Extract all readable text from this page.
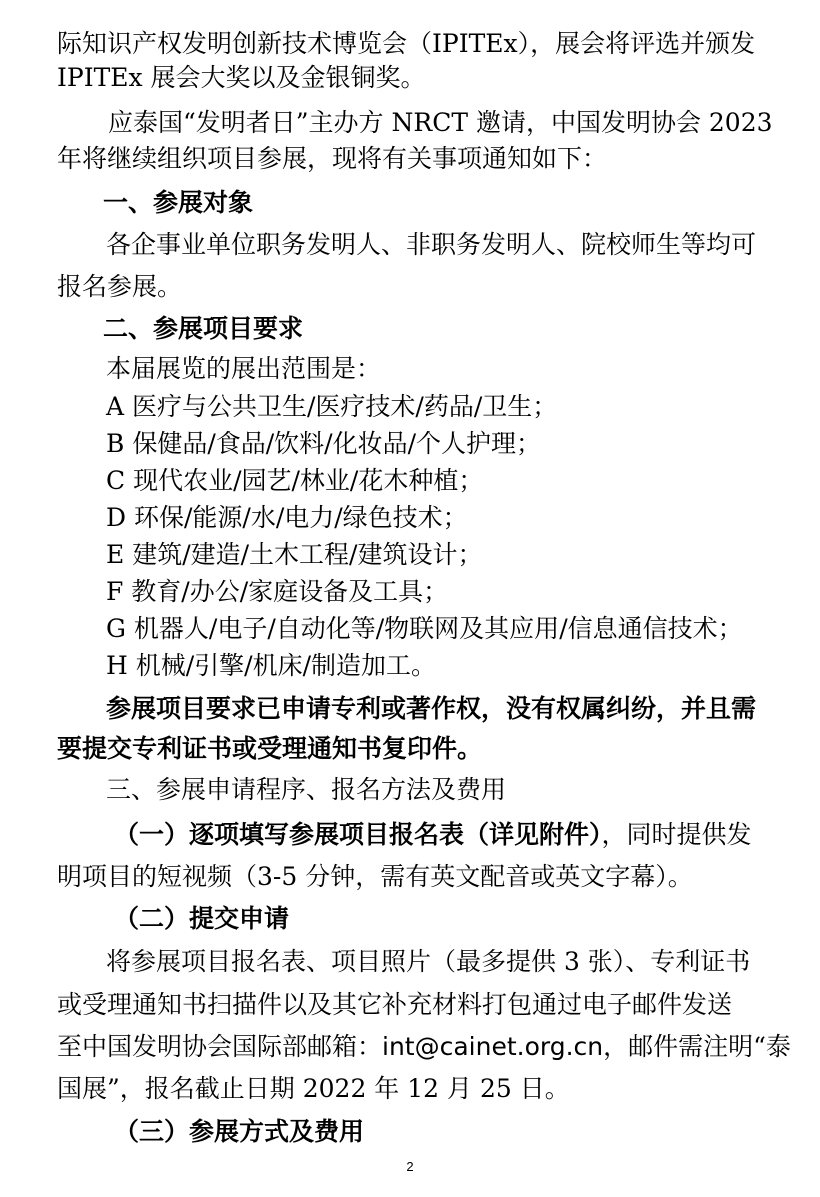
际知识产权发明创新技术博览会（IPITEx），展会将评选并颁发

IPITEx 展会大奖以及金银铜奖。

应泰国“发明者日”主办方 NRCT 邀请，中国发明协会 2023

年将继续组织项目参展，现将有关事项通知如下：

一、参展对象

各企事业单位职务发明人、非职务发明人、院校师生等均可

报名参展。

二、参展项目要求

本届展览的展出范围是：

A 医疗与公共卫生/医疗技术/药品/卫生；

B 保健品/食品/饮料/化妆品/个人护理；

C 现代农业/园艺/林业/花木种植；

D 环保/能源/水/电力/绿色技术；

E 建筑/建造/土木工程/建筑设计；

F 教育/办公/家庭设备及工具；

G 机器人/电子/自动化等/物联网及其应用/信息通信技术；

H 机械/引擎/机床/制造加工。

参展项目要求已申请专利或著作权，没有权属纠纷，并且需

要提交专利证书或受理通知书复印件。

三、参展申请程序、报名方法及费用

（一）逐项填写参展项目报名表（详见附件），同时提供发

明项目的短视频（3-5 分钟，需有英文配音或英文字幕）。

（二）提交申请

将参展项目报名表、项目照片（最多提供 3 张）、专利证书

或受理通知书扫描件以及其它补充材料打包通过电子邮件发送

至中国发明协会国际部邮箱：int@cainet.org.cn，邮件需注明“泰

国展”，报名截止日期 2022 年 12 月 25 日。

（三）参展方式及费用

2
